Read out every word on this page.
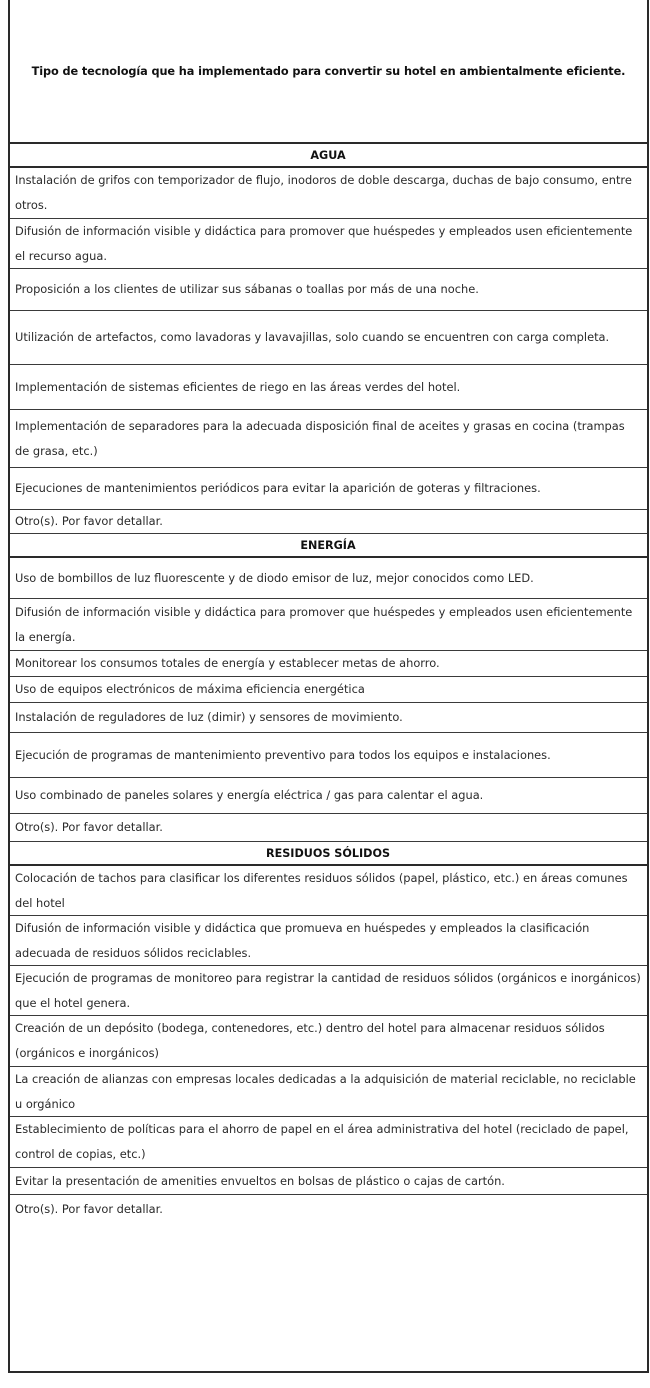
Tipo de tecnología que ha implementado para convertir su hotel en ambientalmente eficiente.
AGUA
Instalación de grifos con temporizador de flujo, inodoros de doble descarga, duchas de bajo consumo, entre otros.
Difusión de información visible y didáctica para promover que huéspedes y empleados usen eficientemente el recurso agua.
Proposición a los clientes de utilizar sus sábanas o toallas por más de una noche.
Utilización de artefactos, como lavadoras y lavavajillas, solo cuando se encuentren con carga completa.
Implementación de sistemas eficientes de riego en las áreas verdes del hotel.
Implementación de separadores para la adecuada disposición final de aceites y grasas en cocina (trampas de grasa, etc.)
Ejecuciones de mantenimientos periódicos para evitar la aparición de goteras y filtraciones.
Otro(s). Por favor detallar.
ENERGÍA
Uso de bombillos de luz fluorescente y de diodo emisor de luz, mejor conocidos como LED.
Difusión de información visible y didáctica para promover que huéspedes y empleados usen eficientemente la energía.
Monitorear los consumos totales de energía y establecer metas de ahorro.
Uso de equipos electrónicos de máxima eficiencia energética
Instalación de reguladores de luz (dimir) y sensores de movimiento.
Ejecución de programas de mantenimiento preventivo para todos los equipos e instalaciones.
Uso combinado de paneles solares y energía eléctrica / gas para calentar el agua.
Otro(s). Por favor detallar.
RESIDUOS SÓLIDOS
Colocación de tachos para clasificar los diferentes residuos sólidos (papel, plástico, etc.) en áreas comunes del hotel
Difusión de información visible y didáctica que promueva en huéspedes y empleados la clasificación adecuada de residuos sólidos reciclables.
Ejecución de programas de monitoreo para registrar la cantidad de residuos sólidos (orgánicos e inorgánicos) que el hotel genera.
Creación de un depósito (bodega, contenedores, etc.) dentro del hotel para almacenar residuos sólidos (orgánicos e inorgánicos)
La creación de alianzas con empresas locales dedicadas a la adquisición de material reciclable, no reciclable u orgánico
Establecimiento de políticas para el ahorro de papel en el área administrativa del hotel (reciclado de papel, control de copias, etc.)
Evitar la presentación de amenities envueltos en bolsas de plástico o cajas de cartón.
Otro(s). Por favor detallar.
